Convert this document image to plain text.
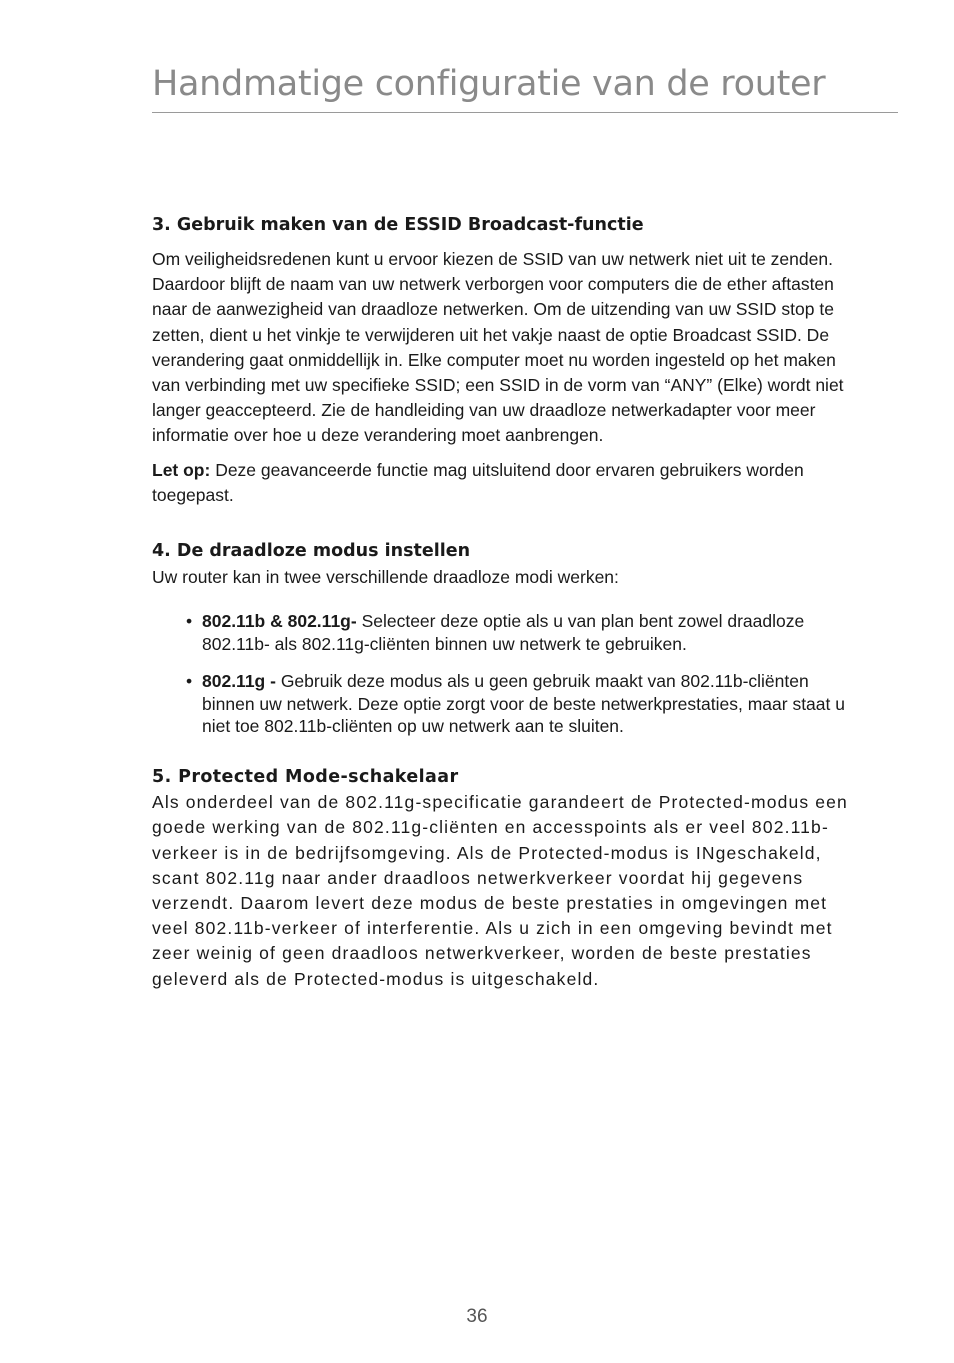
Handmatige configuratie van de router
3. Gebruik maken van de ESSID Broadcast-functie

Om veiligheidsredenen kunt u ervoor kiezen de SSID van uw netwerk niet uit te zenden. Daardoor blijft de naam van uw netwerk verborgen voor computers die de ether aftasten naar de aanwezigheid van draadloze netwerken. Om de uitzending van uw SSID stop te zetten, dient u het vinkje te verwijderen uit het vakje naast de optie Broadcast SSID. De verandering gaat onmiddellijk in. Elke computer moet nu worden ingesteld op het maken van verbinding met uw specifieke SSID; een SSID in de vorm van “ANY” (Elke) wordt niet langer geaccepteerd. Zie de handleiding van uw draadloze netwerkadapter voor meer informatie over hoe u deze verandering moet aanbrengen.

Let op: Deze geavanceerde functie mag uitsluitend door ervaren gebruikers worden toegepast.

4. De draadloze modus instellen

Uw router kan in twee verschillende draadloze modi werken:

• 802.11b & 802.11g- Selecteer deze optie als u van plan bent zowel draadloze 802.11b- als 802.11g-cliënten binnen uw netwerk te gebruiken.
• 802.11g - Gebruik deze modus als u geen gebruik maakt van 802.11b-cliënten binnen uw netwerk. Deze optie zorgt voor de beste netwerkprestaties, maar staat u niet toe 802.11b-cliënten op uw netwerk aan te sluiten.
5. Protected Mode-schakelaar

Als onderdeel van de 802.11g-specificatie garandeert de Protected-modus een goede werking van de 802.11g-cliënten en accesspoints als er veel 802.11b-verkeer is in de bedrijfsomgeving. Als de Protected-modus is INgeschakeld, scant 802.11g naar ander draadloos netwerkverkeer voordat hij gegevens verzendt. Daarom levert deze modus de beste prestaties in omgevingen met veel 802.11b-verkeer of interferentie. Als u zich in een omgeving bevindt met zeer weinig of geen draadloos netwerkverkeer, worden de beste prestaties geleverd als de Protected-modus is uitgeschakeld.

36
